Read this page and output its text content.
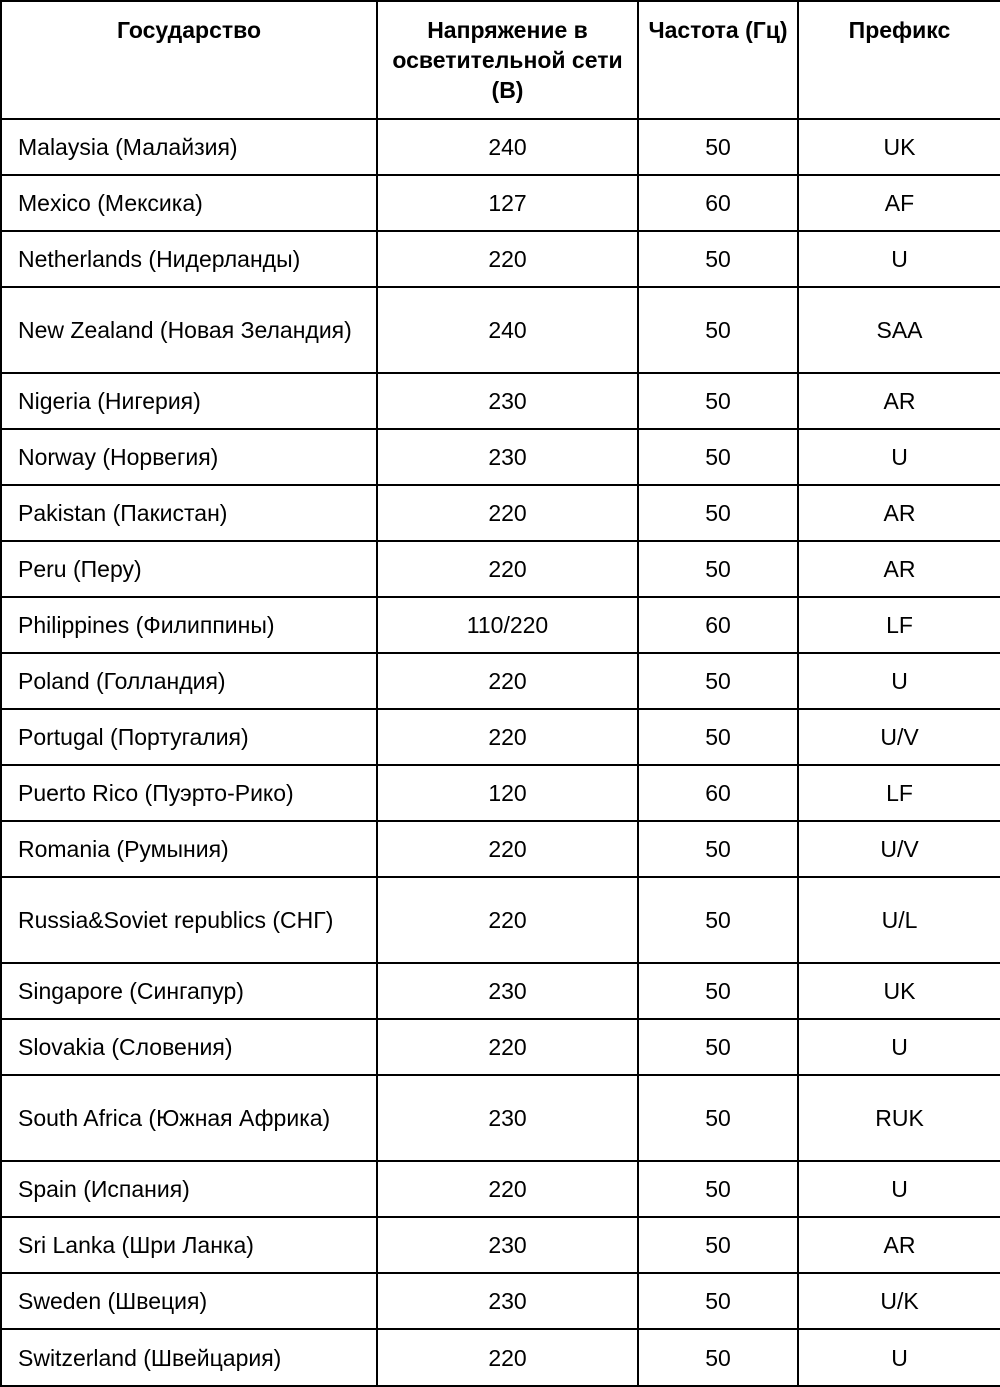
Государство	Напряжение в осветительной сети (В)	Частота (Гц)	Префикс
Malaysia (Малайзия)	240	50	UK
Mexico (Мексика)	127	60	AF
Netherlands (Нидерланды)	220	50	U
New Zealand (Новая Зеландия)	240	50	SAA
Nigeria (Нигерия)	230	50	AR
Norway (Норвегия)	230	50	U
Pakistan (Пакистан)	220	50	AR
Peru (Перу)	220	50	AR
Philippines (Филиппины)	110/220	60	LF
Poland (Голландия)	220	50	U
Portugal (Португалия)	220	50	U/V
Puerto Rico (Пуэрто-Рико)	120	60	LF
Romania (Румыния)	220	50	U/V
Russia&Soviet republics (СНГ)	220	50	U/L
Singapore (Сингапур)	230	50	UK
Slovakia (Словения)	220	50	U
South Africa (Южная Африка)	230	50	RUK
Spain (Испания)	220	50	U
Sri Lanka (Шри Ланка)	230	50	AR
Sweden (Швеция)	230	50	U/K
Switzerland (Швейцария)	220	50	U
